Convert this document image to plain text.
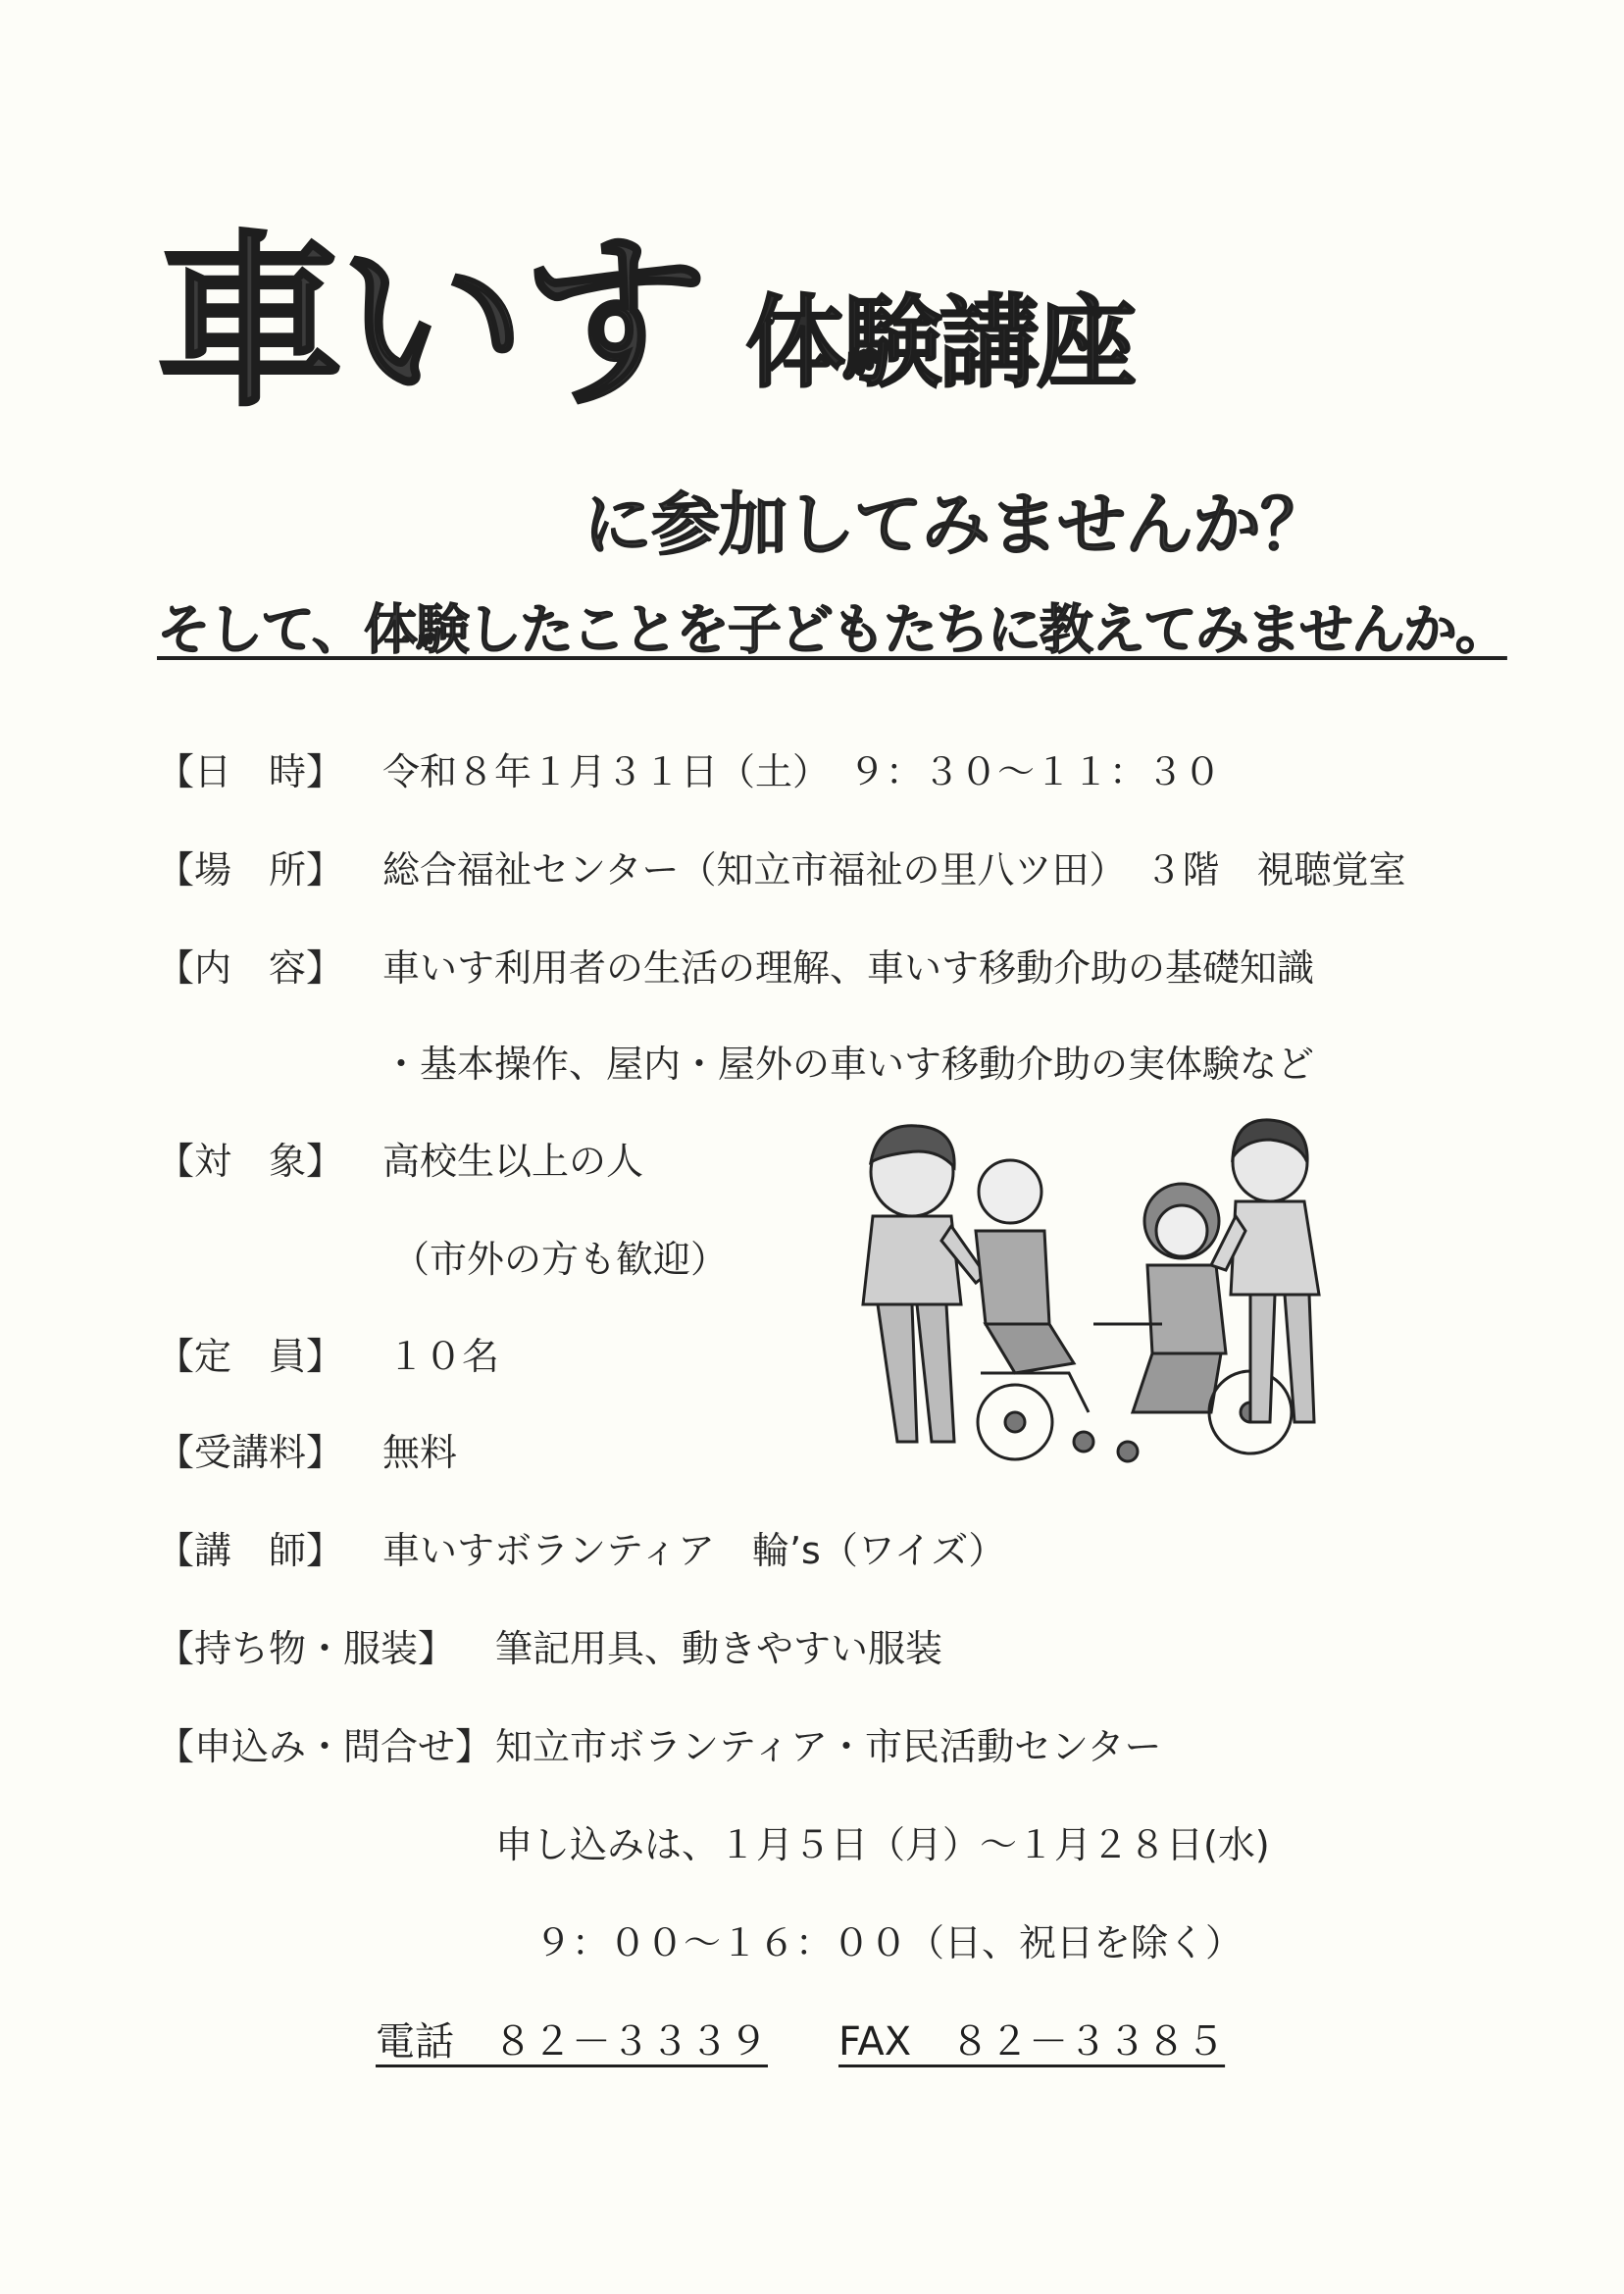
車いす 体験講座
に参加してみませんか？
そして、体験したことを子どもたちに教えてみませんか。
【日　時】 令和８年１月３１日（土）　９：３０～１１：３０
【場　所】 総合福祉センター（知立市福祉の里八ツ田）　３階　視聴覚室
【内　容】 車いす利用者の生活の理解、車いす移動介助の基礎知識
・基本操作、屋内・屋外の車いす移動介助の実体験など
【対　象】 高校生以上の人
（市外の方も歓迎）
【定　員】 １０名
【受講料】 無料
【講　師】 車いすボランティア　輪’s（ワイズ）
【持ち物・服装】 筆記用具、動きやすい服装
【申込み・問合せ】 知立市ボランティア・市民活動センター
申し込みは、１月５日（月）～１月２８日(水)
９：００～１６：００（日、祝日を除く）
電話　８２－３３３９ FAX　８２－３３８５
